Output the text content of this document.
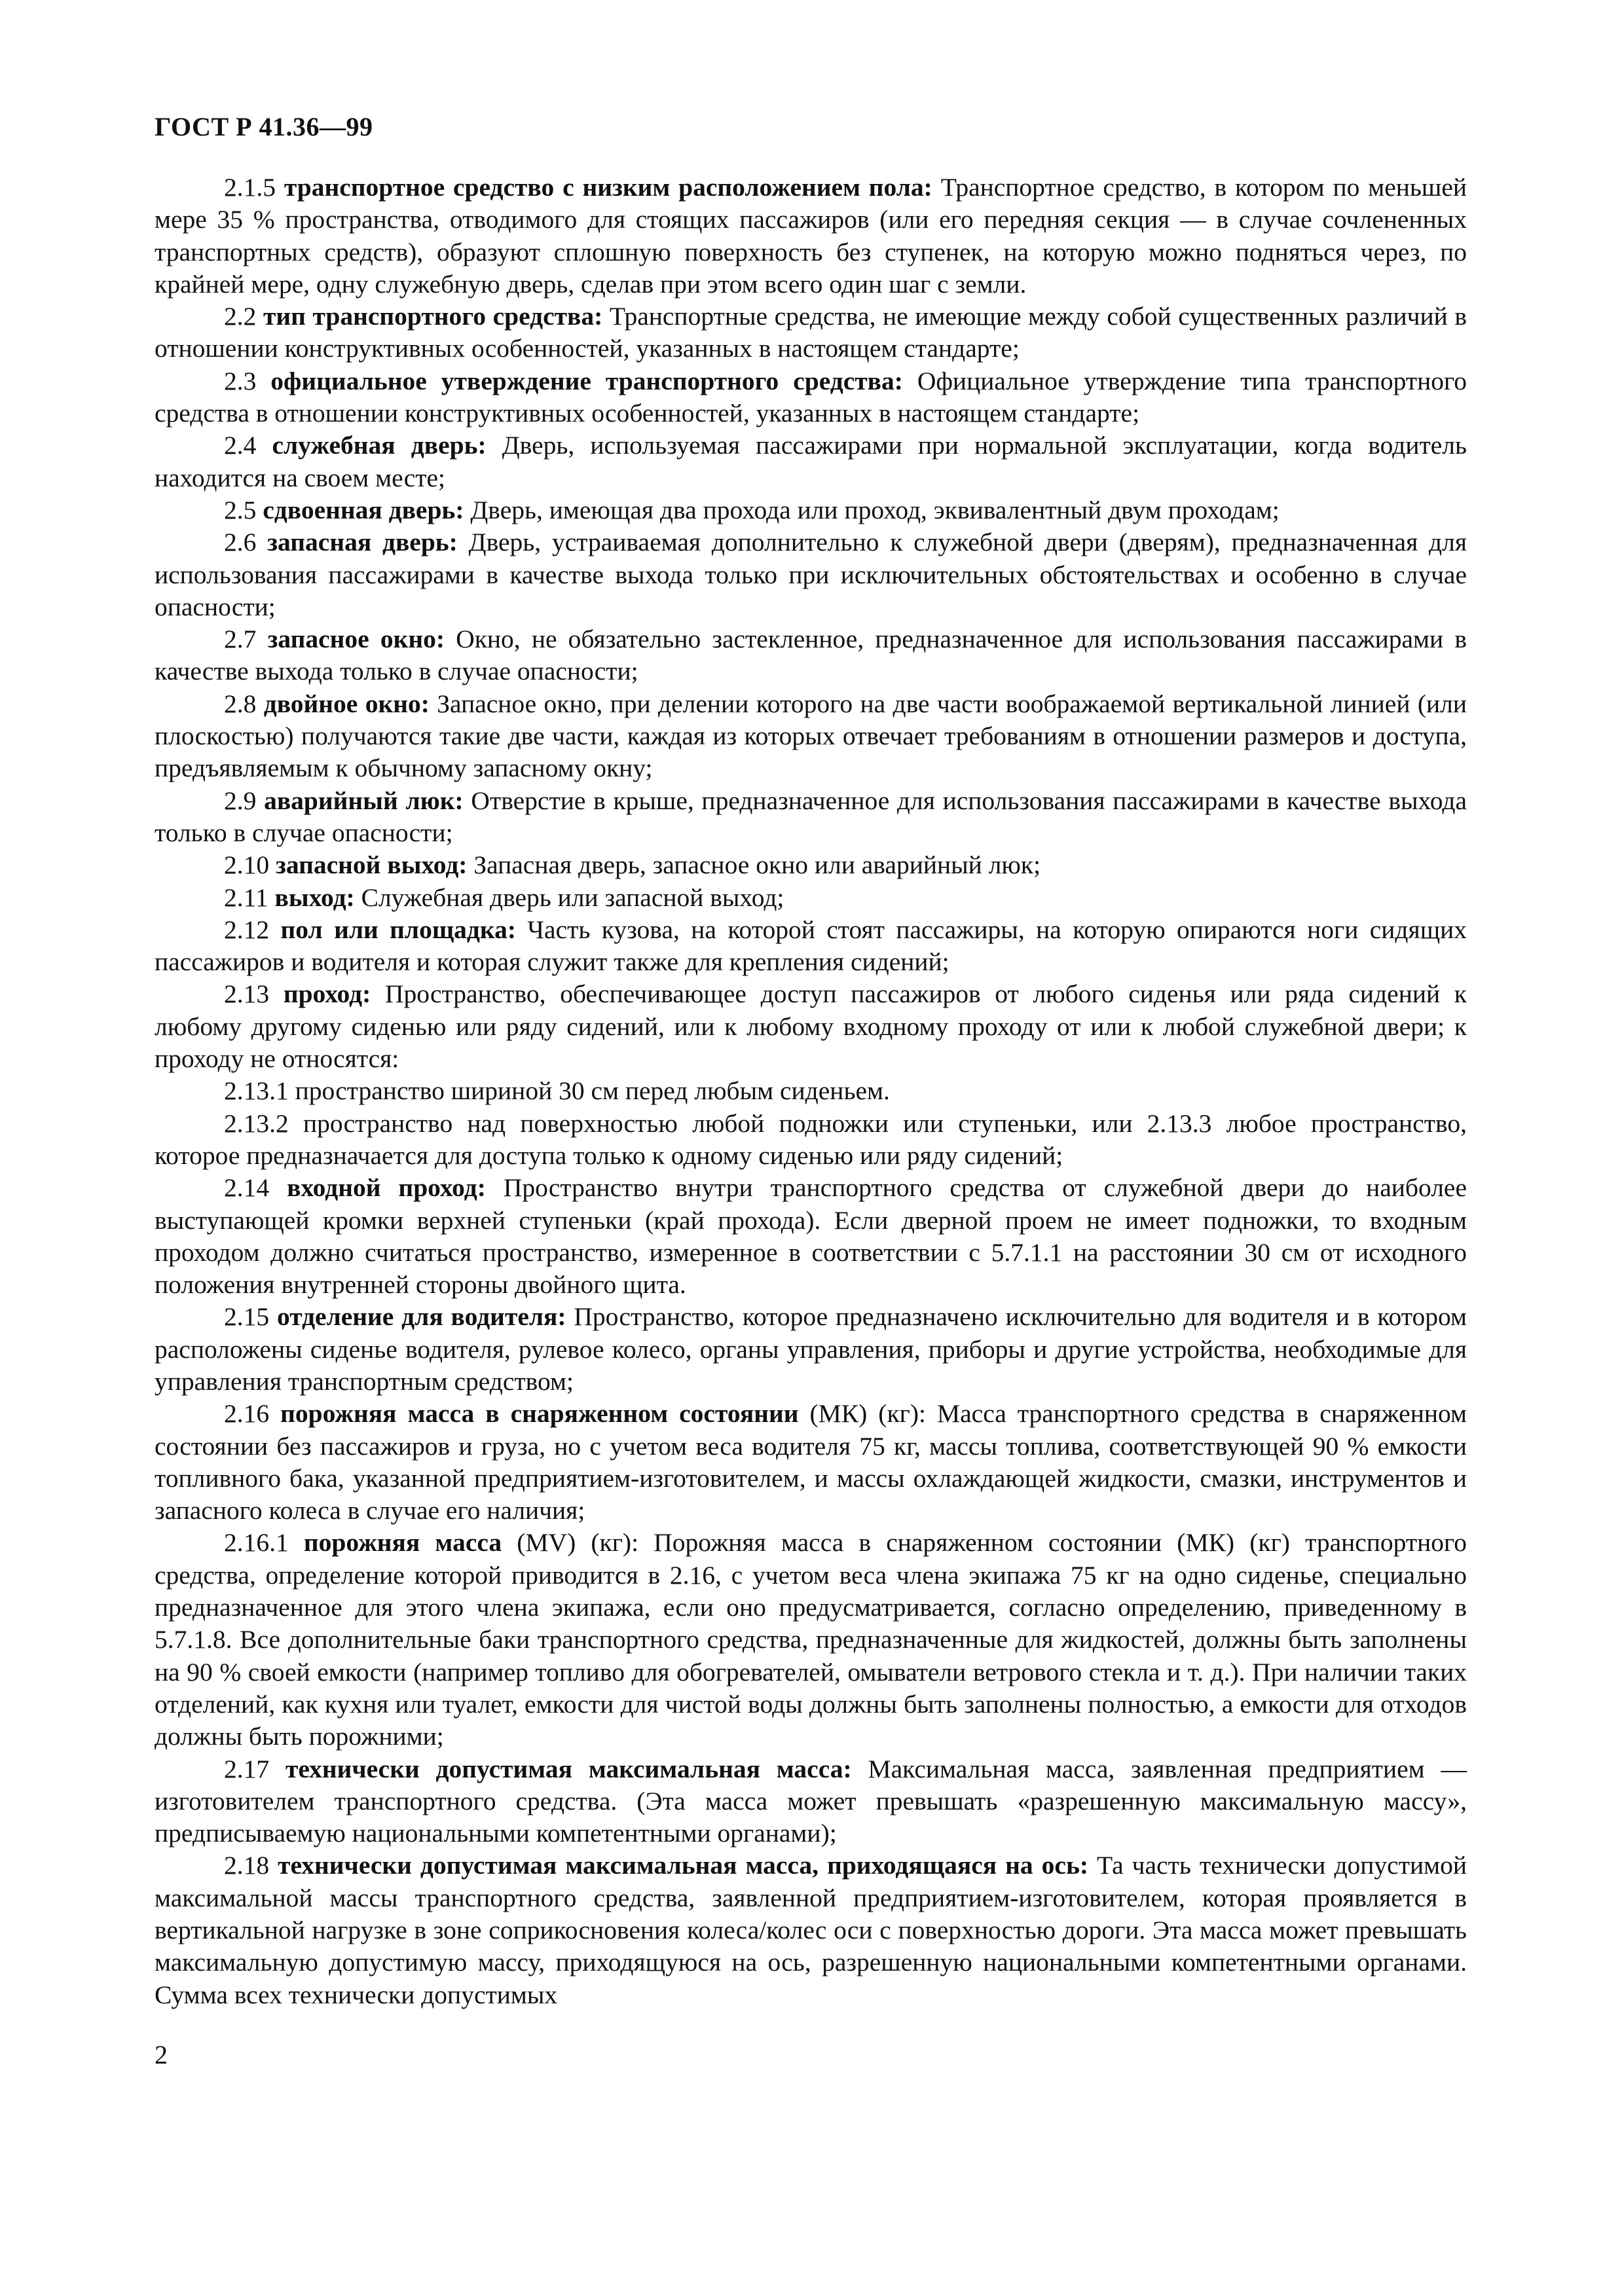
ГОСТ Р 41.36—99

2.1.5 транспортное средство с низким расположением пола: Транспортное средство, в котором по меньшей мере 35 % пространства, отводимого для стоящих пассажиров (или его передняя секция — в случае сочлененных транспортных средств), образуют сплошную поверхность без ступенек, на которую можно подняться через, по крайней мере, одну служебную дверь, сделав при этом всего один шаг с земли.

2.2 тип транспортного средства: Транспортные средства, не имеющие между собой существенных различий в отношении конструктивных особенностей, указанных в настоящем стандарте;

2.3 официальное утверждение транспортного средства: Официальное утверждение типа транспортного средства в отношении конструктивных особенностей, указанных в настоящем стандарте;

2.4 служебная дверь: Дверь, используемая пассажирами при нормальной эксплуатации, когда водитель находится на своем месте;

2.5 сдвоенная дверь: Дверь, имеющая два прохода или проход, эквивалентный двум проходам;

2.6 запасная дверь: Дверь, устраиваемая дополнительно к служебной двери (дверям), предназначенная для использования пассажирами в качестве выхода только при исключительных обстоятельствах и особенно в случае опасности;

2.7 запасное окно: Окно, не обязательно застекленное, предназначенное для использования пассажирами в качестве выхода только в случае опасности;

2.8 двойное окно: Запасное окно, при делении которого на две части воображаемой вертикальной линией (или плоскостью) получаются такие две части, каждая из которых отвечает требованиям в отношении размеров и доступа, предъявляемым к обычному запасному окну;

2.9 аварийный люк: Отверстие в крыше, предназначенное для использования пассажирами в качестве выхода только в случае опасности;

2.10 запасной выход: Запасная дверь, запасное окно или аварийный люк;

2.11 выход: Служебная дверь или запасной выход;

2.12 пол или площадка: Часть кузова, на которой стоят пассажиры, на которую опираются ноги сидящих пассажиров и водителя и которая служит также для крепления сидений;

2.13 проход: Пространство, обеспечивающее доступ пассажиров от любого сиденья или ряда сидений к любому другому сиденью или ряду сидений, или к любому входному проходу от или к любой служебной двери; к проходу не относятся:

2.13.1 пространство шириной 30 см перед любым сиденьем.

2.13.2 пространство над поверхностью любой подножки или ступеньки, или 2.13.3 любое пространство, которое предназначается для доступа только к одному сиденью или ряду сидений;

2.14 входной проход: Пространство внутри транспортного средства от служебной двери до наиболее выступающей кромки верхней ступеньки (край прохода). Если дверной проем не имеет подножки, то входным проходом должно считаться пространство, измеренное в соответствии с 5.7.1.1 на расстоянии 30 см от исходного положения внутренней стороны двойного щита.

2.15 отделение для водителя: Пространство, которое предназначено исключительно для водителя и в котором расположены сиденье водителя, рулевое колесо, органы управления, приборы и другие устройства, необходимые для управления транспортным средством;

2.16 порожняя масса в снаряженном состоянии (МК) (кг): Масса транспортного средства в снаряженном состоянии без пассажиров и груза, но с учетом веса водителя 75 кг, массы топлива, соответствующей 90 % емкости топливного бака, указанной предприятием-изготовителем, и массы охлаждающей жидкости, смазки, инструментов и запасного колеса в случае его наличия;

2.16.1 порожняя масса (MV) (кг): Порожняя масса в снаряженном состоянии (МК) (кг) транспортного средства, определение которой приводится в 2.16, с учетом веса члена экипажа 75 кг на одно сиденье, специально предназначенное для этого члена экипажа, если оно предусматривается, согласно определению, приведенному в 5.7.1.8. Все дополнительные баки транспортного средства, предназначенные для жидкостей, должны быть заполнены на 90 % своей емкости (например топливо для обогревателей, омыватели ветрового стекла и т. д.). При наличии таких отделений, как кухня или туалет, емкости для чистой воды должны быть заполнены полностью, а емкости для отходов должны быть порожними;

2.17 технически допустимая максимальная масса: Максимальная масса, заявленная предприятием — изготовителем транспортного средства. (Эта масса может превышать «разрешенную максимальную массу», предписываемую национальными компетентными органами);

2.18 технически допустимая максимальная масса, приходящаяся на ось: Та часть технически допустимой максимальной массы транспортного средства, заявленной предприятием-изготовителем, которая проявляется в вертикальной нагрузке в зоне соприкосновения колеса/колес оси с поверхностью дороги. Эта масса может превышать максимальную допустимую массу, приходящуюся на ось, разрешенную национальными компетентными органами. Сумма всех технически допустимых

2
